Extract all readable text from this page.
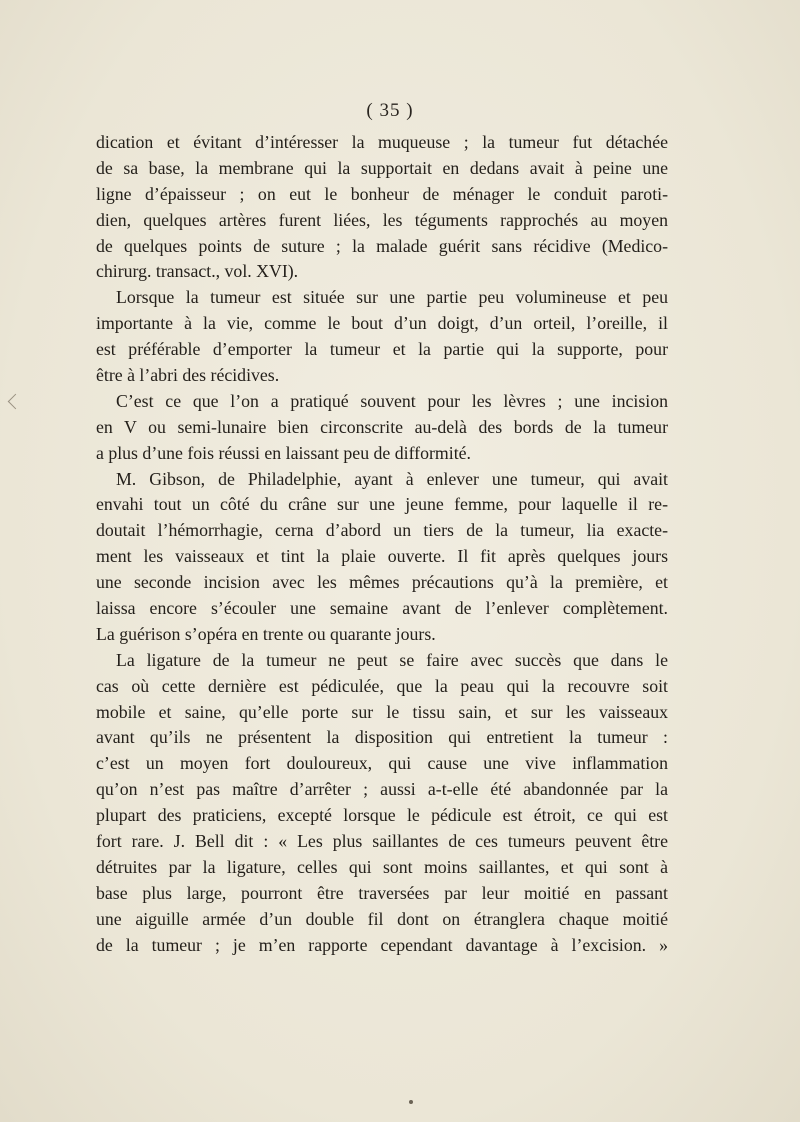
( 35 )
dication et évitant d’intéresser la muqueuse ; la tumeur fut détachée
de sa base, la membrane qui la supportait en dedans avait à peine une
ligne d’épaisseur ; on eut le bonheur de ménager le conduit paroti-
dien, quelques artères furent liées, les téguments rapprochés au moyen
de quelques points de suture ; la malade guérit sans récidive (Medico-
chirurg. transact., vol. XVI).
Lorsque la tumeur est située sur une partie peu volumineuse et peu
importante à la vie, comme le bout d’un doigt, d’un orteil, l’oreille, il
est préférable d’emporter la tumeur et la partie qui la supporte, pour
être à l’abri des récidives.
C’est ce que l’on a pratiqué souvent pour les lèvres ; une incision
en V ou semi-lunaire bien circonscrite au-delà des bords de la tumeur
a plus d’une fois réussi en laissant peu de difformité.
M. Gibson, de Philadelphie, ayant à enlever une tumeur, qui avait
envahi tout un côté du crâne sur une jeune femme, pour laquelle il re-
doutait l’hémorrhagie, cerna d’abord un tiers de la tumeur, lia exacte-
ment les vaisseaux et tint la plaie ouverte. Il fit après quelques jours
une seconde incision avec les mêmes précautions qu’à la première, et
laissa encore s’écouler une semaine avant de l’enlever complètement.
La guérison s’opéra en trente ou quarante jours.
La ligature de la tumeur ne peut se faire avec succès que dans le
cas où cette dernière est pédiculée, que la peau qui la recouvre soit
mobile et saine, qu’elle porte sur le tissu sain, et sur les vaisseaux
avant qu’ils ne présentent la disposition qui entretient la tumeur :
c’est un moyen fort douloureux, qui cause une vive inflammation
qu’on n’est pas maître d’arrêter ; aussi a-t-elle été abandonnée par la
plupart des praticiens, excepté lorsque le pédicule est étroit, ce qui est
fort rare. J. Bell dit : « Les plus saillantes de ces tumeurs peuvent être
détruites par la ligature, celles qui sont moins saillantes, et qui sont à
base plus large, pourront être traversées par leur moitié en passant
une aiguille armée d’un double fil dont on étranglera chaque moitié
de la tumeur ; je m’en rapporte cependant davantage à l’excision. »
